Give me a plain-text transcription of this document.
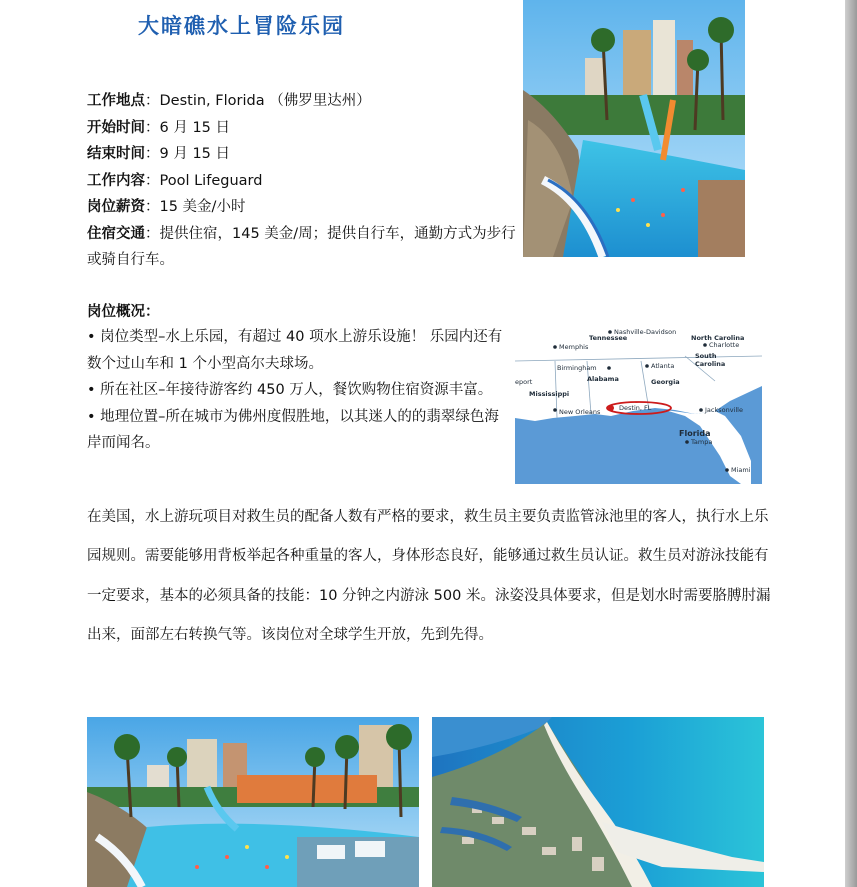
大暗礁水上冒险乐园
工作地点：Destin, Florida （佛罗里达州）
开始时间：6 月 15 日
结束时间：9 月 15 日
工作内容：Pool Lifeguard
岗位薪资：15 美金/小时
住宿交通：提供住宿，145 美金/周；提供自行车，通勤方式为步行或骑自行车。
岗位概况：
• 岗位类型–水上乐园，有超过 40 项水上游乐设施！ 乐园内还有数个过山车和 1 个小型高尔夫球场。
• 所在社区–年接待游客约 450 万人，餐饮购物住宿资源丰富。
• 地理位置–所在城市为佛州度假胜地，以其迷人的的翡翠绿色海岸而闻名。
在美国，水上游玩项目对救生员的配备人数有严格的要求，救生员主要负责监管泳池里的客人，执行水上乐园规则。需要能够用背板举起各种重量的客人，身体形态良好，能够通过救生员认证。救生员对游泳技能有一定要求，基本的必须具备的技能：10 分钟之内游泳 500 米。泳姿没具体要求，但是划水时需要胳膊肘漏出来，面部左右转换气等。该岗位对全球学生开放，先到先得。
Nashville-Davidson
Tennessee	North Carolina
Charlotte
Memphis
South
Carolina
Birmingham	Atlanta
Alabama	Georgia
eport
Mississippi
New Orleans	Destin, FL	Jacksonville
Florida
Tampa
Miami
